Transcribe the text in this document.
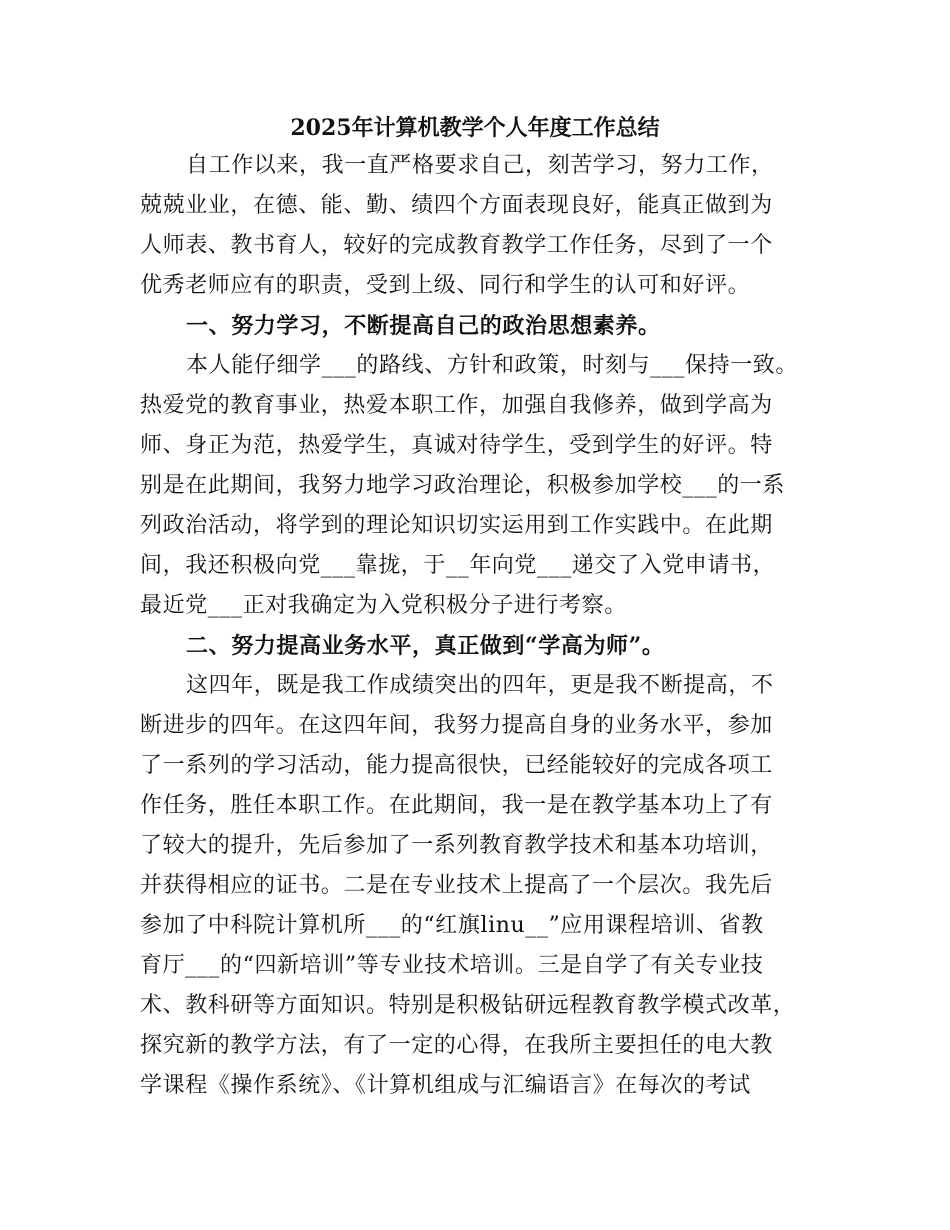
2025年计算机教学个人年度工作总结
自工作以来，我一直严格要求自己，刻苦学习，努力工作，
兢兢业业，在德、能、勤、绩四个方面表现良好，能真正做到为
人师表、教书育人，较好的完成教育教学工作任务，尽到了一个
优秀老师应有的职责，受到上级、同行和学生的认可和好评。
一、努力学习，不断提高自己的政治思想素养。
本人能仔细学___的路线、方针和政策，时刻与___保持一致。
热爱党的教育事业，热爱本职工作，加强自我修养，做到学高为
师、身正为范，热爱学生，真诚对待学生，受到学生的好评。特
别是在此期间，我努力地学习政治理论，积极参加学校___的一系
列政治活动，将学到的理论知识切实运用到工作实践中。在此期
间，我还积极向党___靠拢，于__年向党___递交了入党申请书，
最近党___正对我确定为入党积极分子进行考察。
二、努力提高业务水平，真正做到“学高为师”。
这四年，既是我工作成绩突出的四年，更是我不断提高，不
断进步的四年。在这四年间，我努力提高自身的业务水平，参加
了一系列的学习活动，能力提高很快，已经能较好的完成各项工
作任务，胜任本职工作。在此期间，我一是在教学基本功上了有
了较大的提升，先后参加了一系列教育教学技术和基本功培训，
并获得相应的证书。二是在专业技术上提高了一个层次。我先后
参加了中科院计算机所___的“红旗linu__”应用课程培训、省教
育厅___的“四新培训”等专业技术培训。三是自学了有关专业技
术、教科研等方面知识。特别是积极钻研远程教育教学模式改革，
探究新的教学方法，有了一定的心得，在我所主要担任的电大教
学课程《操作系统》、《计算机组成与汇编语言》在每次的考试
